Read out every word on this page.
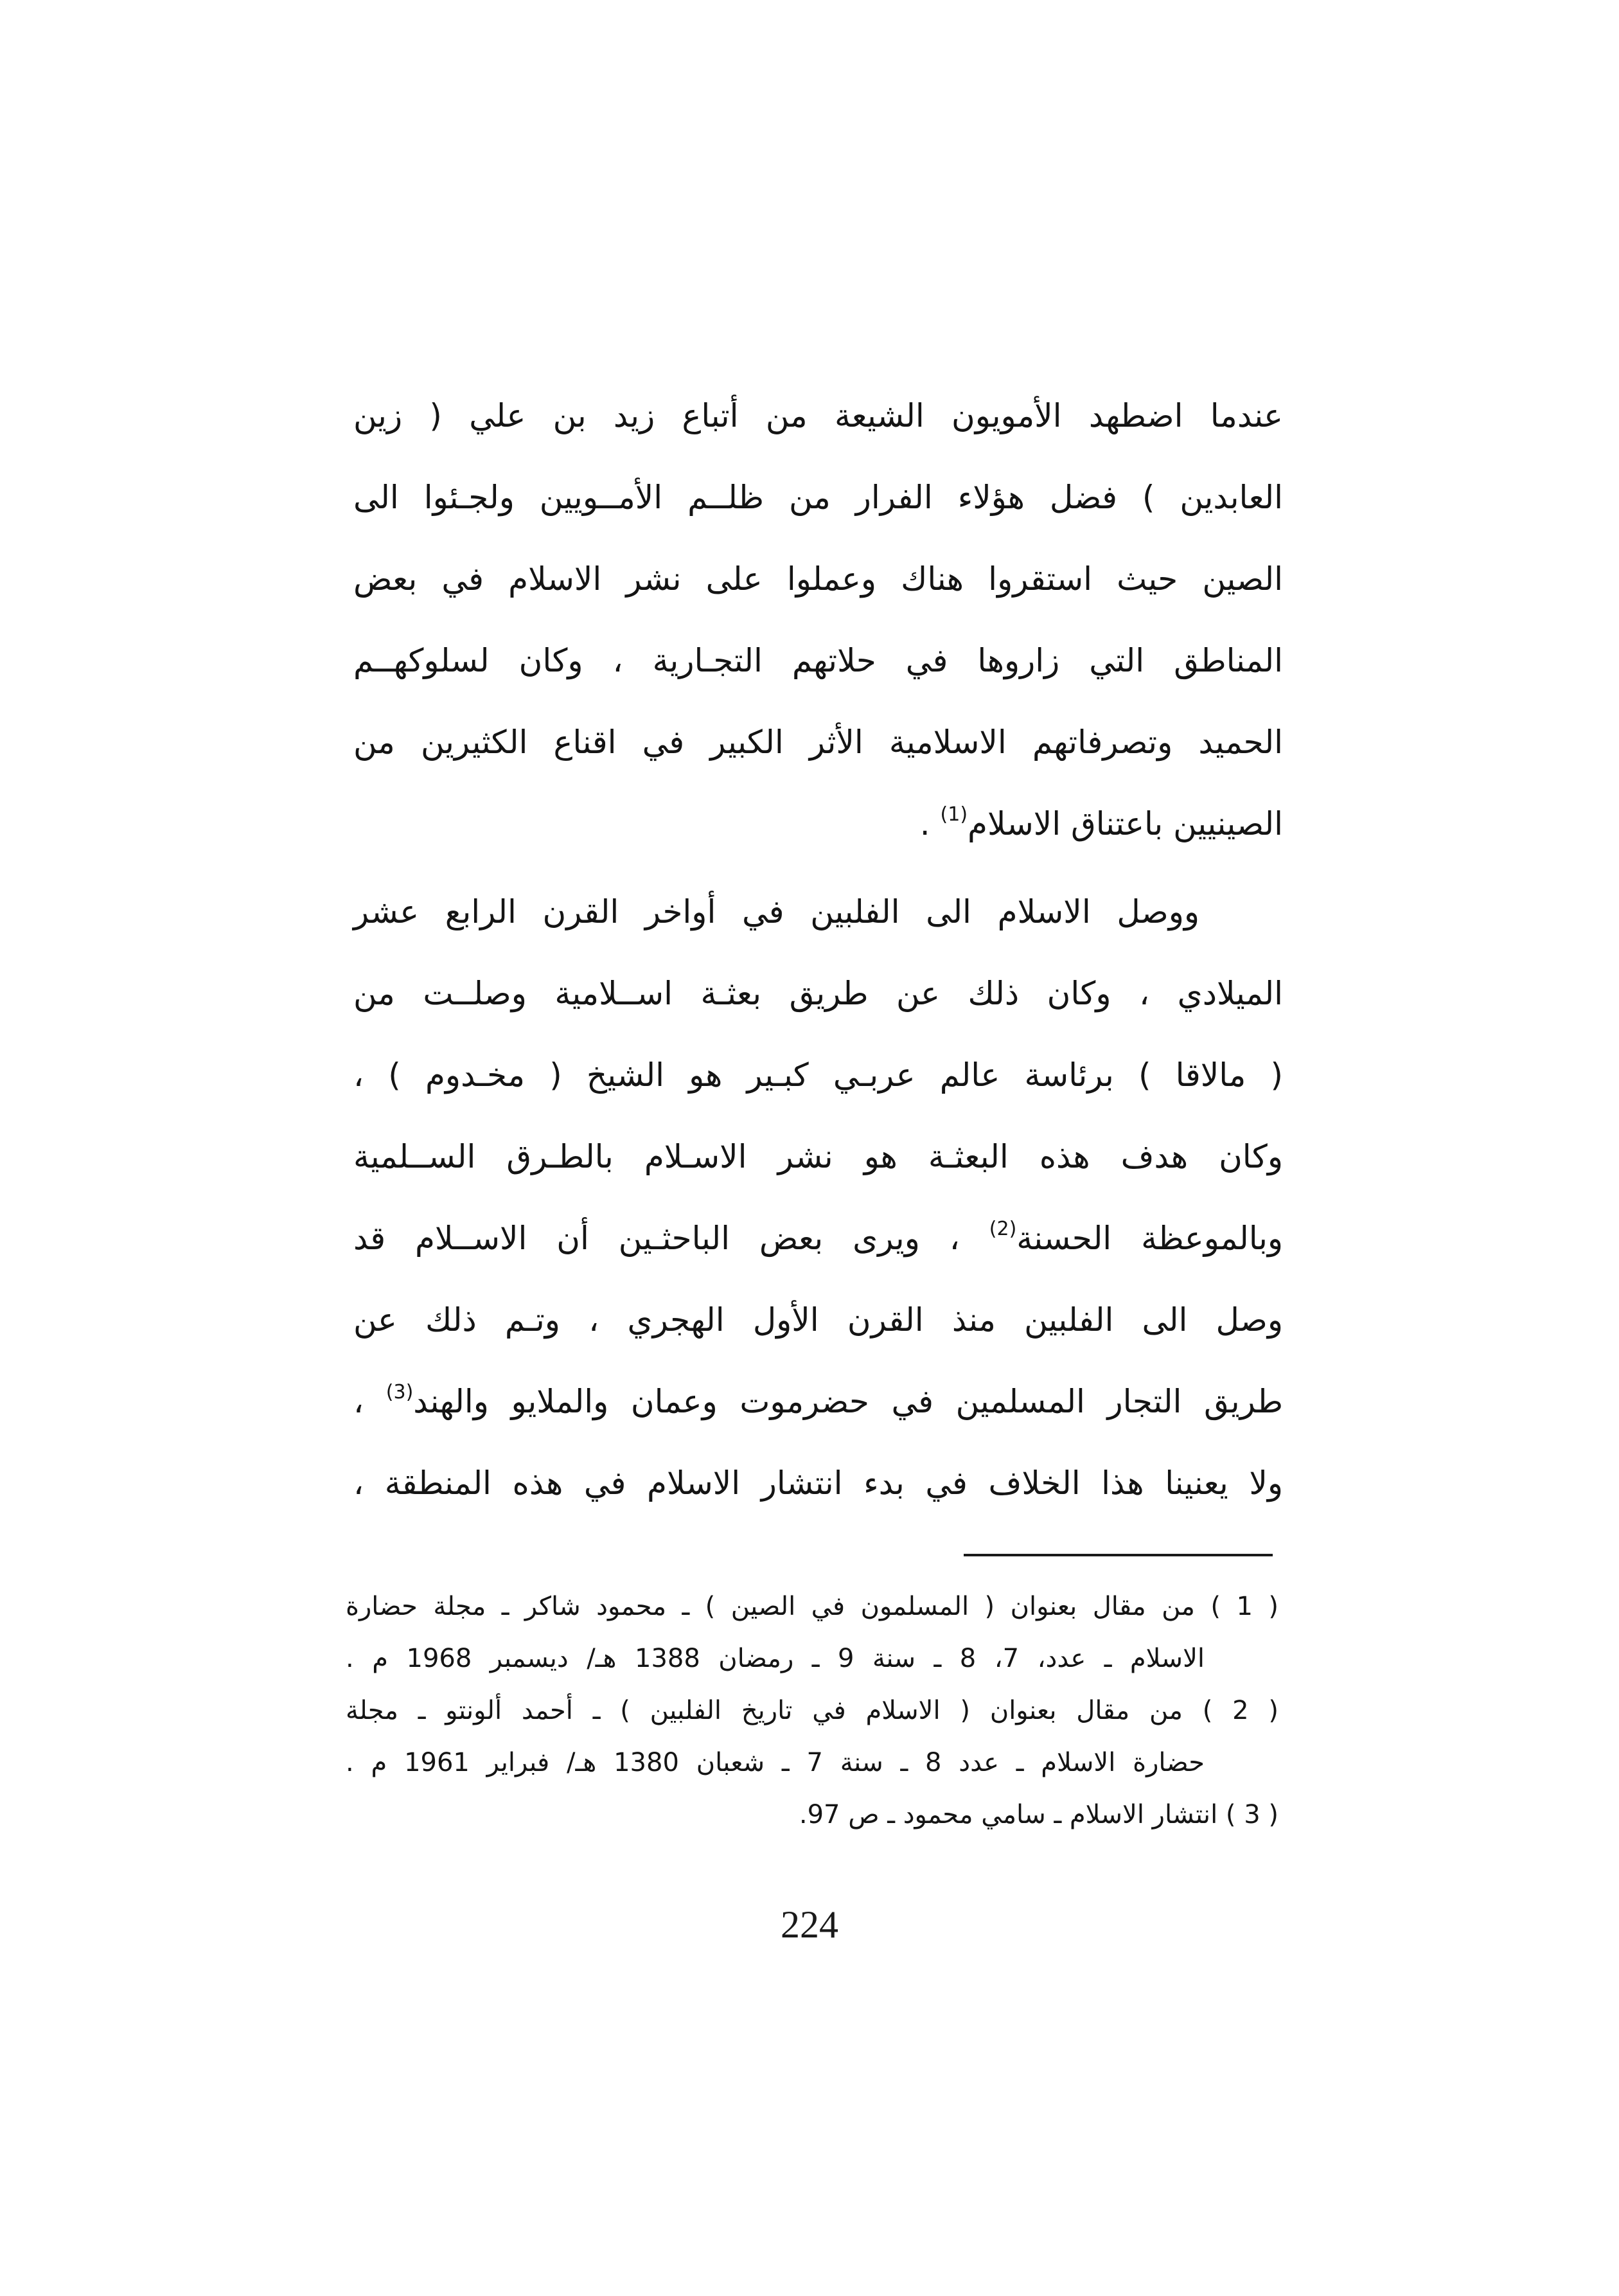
عندما اضطهد الأمويون الشيعة من أتباع زيد بن علي ( زين
العابدين ) فضل هؤلاء الفرار من ظلــم الأمــويين ولجـئوا الى
الصين حيث استقروا هناك وعملوا على نشر الاسلام في بعض
المناطق التي زاروها في حلاتهم التجـارية ، وكان لسلوكهــم
الحميد وتصرفاتهم الاسلامية الأثر الكبير في اقناع الكثيرين من
الصينيين باعتناق الاسلام$^{(1)}$ .
ووصل الاسلام الى الفلبين في أواخر القرن الرابع عشر
الميلادي ، وكان ذلك عن طريق بعثـة اســلامية وصلــت من
( مالاقا ) برئاسة عالم عربـي كبـير هو الشيخ ( مخـدوم ) ،
وكان هدف هذه البعثـة هو نشر الاسـلام بالطـرق الســلمية
وبالموعظة الحسنة$^{(2)}$ ، ويرى بعض الباحثـين أن الاســلام قد
وصل الى الفلبين منذ القرن الأول الهجري ، وتـم ذلك عن
طريق التجار المسلمين في حضرموت وعمان والملايو والهند$^{(3)}$ ،
ولا يعنينا هذا الخلاف في بدء انتشار الاسلام في هذه المنطقة ،
( 1 ) من مقال بعنوان ( المسلمون في الصين ) ـ محمود شاكر ـ مجلة حضارة
الاسلام ـ عدد، 7، 8 ـ سنة 9 ـ رمضان 1388 هـ/ ديسمبر 1968 م .
( 2 ) من مقال بعنوان ( الاسلام في تاريخ الفلبين ) ـ أحمد ألونتو ـ مجلة
حضارة الاسلام ـ عدد 8 ـ سنة 7 ـ شعبان 1380 هـ/ فبراير 1961 م .
( 3 ) انتشار الاسلام ـ سامي محمود ـ ص 97.
224
